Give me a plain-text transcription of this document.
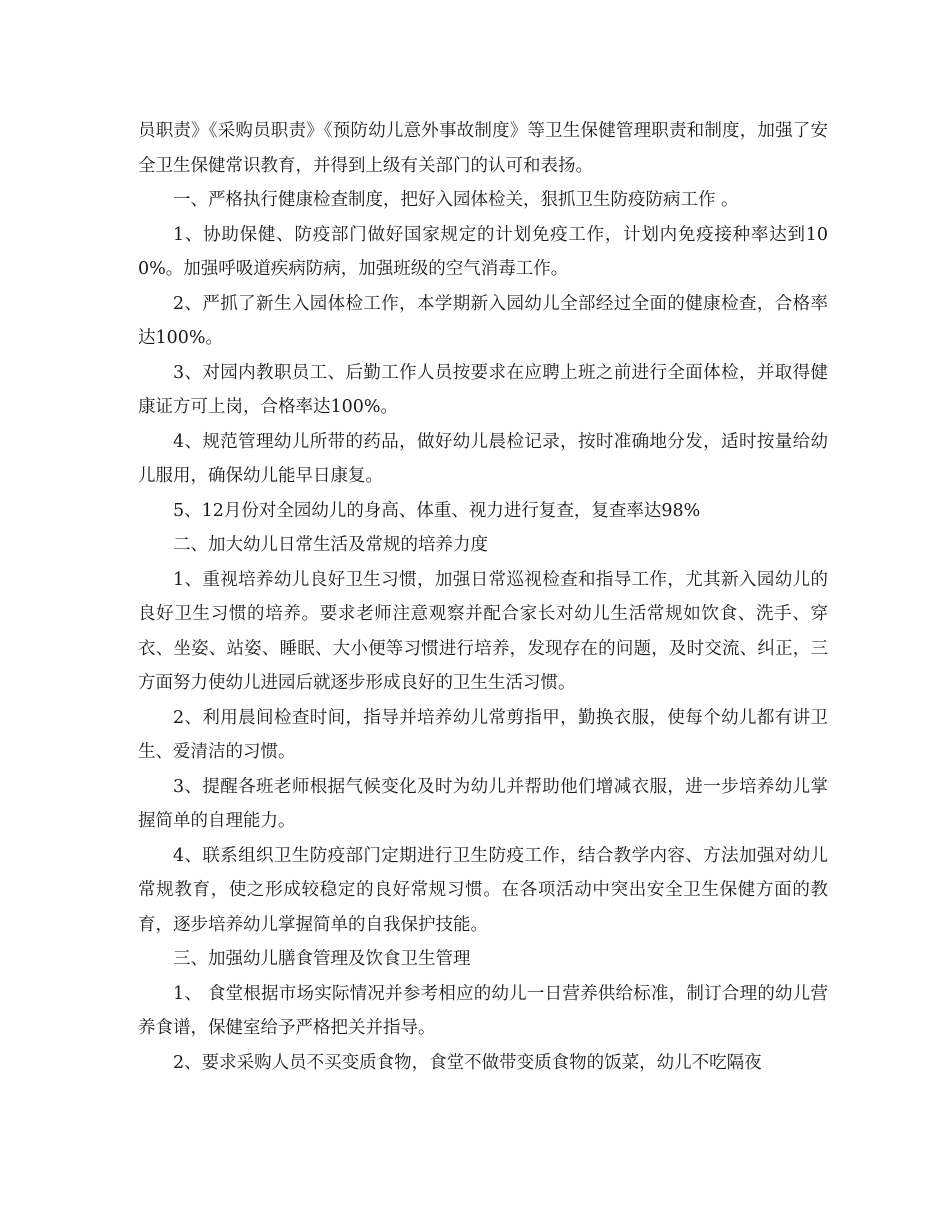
员职责》《采购员职责》《预防幼儿意外事故制度》等卫生保健管理职责和制度，加强了安全卫生保健常识教育，并得到上级有关部门的认可和表扬。

一、严格执行健康检查制度，把好入园体检关，狠抓卫生防疫防病工作 。

1、协助保健、防疫部门做好国家规定的计划免疫工作，计划内免疫接种率达到100%。加强呼吸道疾病防病，加强班级的空气消毒工作。

2、严抓了新生入园体检工作，本学期新入园幼儿全部经过全面的健康检查，合格率达100%。

3、对园内教职员工、后勤工作人员按要求在应聘上班之前进行全面体检，并取得健康证方可上岗，合格率达100%。

4、规范管理幼儿所带的药品，做好幼儿晨检记录，按时准确地分发，适时按量给幼儿服用，确保幼儿能早日康复。

5、12月份对全园幼儿的身高、体重、视力进行复查，复查率达98%

二、加大幼儿日常生活及常规的培养力度

1、重视培养幼儿良好卫生习惯，加强日常巡视检查和指导工作，尤其新入园幼儿的良好卫生习惯的培养。要求老师注意观察并配合家长对幼儿生活常规如饮食、洗手、穿衣、坐姿、站姿、睡眠、大小便等习惯进行培养，发现存在的问题，及时交流、纠正，三方面努力使幼儿进园后就逐步形成良好的卫生生活习惯。

2、利用晨间检查时间，指导并培养幼儿常剪指甲，勤换衣服，使每个幼儿都有讲卫生、爱清洁的习惯。

3、提醒各班老师根据气候变化及时为幼儿并帮助他们增减衣服，进一步培养幼儿掌握简单的自理能力。

4、联系组织卫生防疫部门定期进行卫生防疫工作，结合教学内容、方法加强对幼儿常规教育，使之形成较稳定的良好常规习惯。在各项活动中突出安全卫生保健方面的教育，逐步培养幼儿掌握简单的自我保护技能。

三、加强幼儿膳食管理及饮食卫生管理

1、 食堂根据市场实际情况并参考相应的幼儿一日营养供给标准，制订合理的幼儿营养食谱，保健室给予严格把关并指导。

2、要求采购人员不买变质食物，食堂不做带变质食物的饭菜，幼儿不吃隔夜
